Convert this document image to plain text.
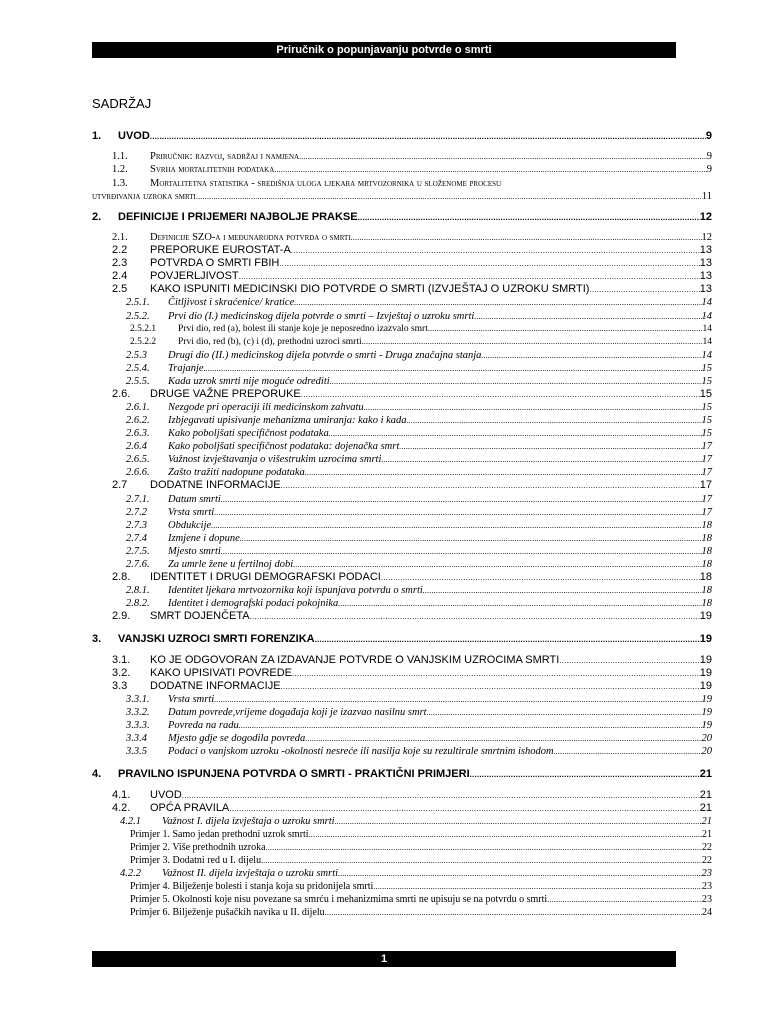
Priručnik o popunjavanju potvrde o smrti
SADRŽAJ
1.	UVOD .....	9
1.1.	Priručnik: razvoj, sadržaj i namjena .....	9
1.2.	Svrha mortalitetnih podataka .....	9
1.3.	Mortalitetna statistika - središnja uloga ljekara mrtvozornika u složenome procesu
utvrđivanja uzroka smrti .....	11
2.	DEFINICIJE I PRIJEMERI NAJBOLJE PRAKSE .....	12
2.1.	Definicije SZO-a i međunarodna potvrda o smrti .....	12
2.2	PREPORUKE EUROSTAT-A .....	13
2.3	POTVRDA O SMRTI FBIH .....	13
2.4	POVJERLJIVOST .....	13
2.5	KAKO ISPUNITI MEDICINSKI DIO POTVRDE O SMRTI (IZVJEŠTAJ O UZROKU SMRTI) .....	13
2.5.1.	Čitljivost i skraćenice/ kratice .....	14
2.5.2.	Prvi dio (I.) medicinskog dijela potvrde o smrti – Izvještaj o uzroku smrti .....	14
2.5.2.1	Prvi dio, red (a), bolest ili stanje koje je neposredno izazvalo smrt .....	14
2.5.2.2	Prvi dio, red (b), (c) i (d), prethodni uzroci smrti .....	14
2.5.3	Drugi dio (II.) medicinskog dijela potvrde o smrti - Druga značajna stanja .....	14
2.5.4.	Trajanje .....	15
2.5.5.	Kada uzrok smrti nije moguće odrediti .....	15
2.6.	DRUGE VAŽNE PREPORUKE .....	15
2.6.1.	Nezgode pri operaciji ili medicinskom zahvatu .....	15
2.6.2.	Izbjegavati upisivanje mehanizma umiranja: kako i kada .....	15
2.6.3.	Kako poboljšati specifičnost podataka .....	15
2.6.4	Kako poboljšati specifičnost podataka: dojenačka smrt .....	17
2.6.5.	Važnost izvještavanja o višestrukim uzrocima smrti .....	17
2.6.6.	Zašto tražiti nadopune podataka .....	17
2.7	DODATNE INFORMACIJE .....	17
2.7.1.	Datum smrti .....	17
2.7.2	Vrsta smrti .....	17
2.7.3	Obdukcije .....	18
2.7.4	Izmjene i dopune .....	18
2.7.5.	Mjesto smrti .....	18
2.7.6.	Za umrle žene u fertilnoj dobi .....	18
2.8.	IDENTITET I DRUGI DEMOGRAFSKI PODACI .....	18
2.8.1.	Identitet ljekara mrtvozornika koji ispunjava potvrdu o smrti .....	18
2.8.2.	Identitet i demografski podaci pokojnika .....	18
2.9.	SMRT DOJENČETA .....	19
3.	VANJSKI UZROCI SMRTI FORENZIKA .....	19
3.1.	KO JE ODGOVORAN ZA IZDAVANJE POTVRDE O VANJSKIM UZROCIMA SMRTI .....	19
3.2.	KAKO UPISIVATI POVREDE .....	19
3.3	DODATNE INFORMACIJE .....	19
3.3.1.	Vrsta smrti .....	19
3.3.2.	Datum povrede,vrijeme događaja koji je izazvao nasilnu smrt .....	19
3.3.3.	Povreda na radu .....	19
3.3.4	Mjesto gdje se dogodila povreda .....	20
3.3.5	Podaci o vanjskom uzroku -okolnosti nesreće ili nasilja koje su rezultirale smrtnim ishodom .....	20
4.	PRAVILNO ISPUNJENA POTVRDA O SMRTI - PRAKTIČNI PRIMJERI .....	21
4.1.	UVOD .....	21
4.2.	OPĆA PRAVILA .....	21
4.2.1	Važnost I. dijela izvještaja o uzroku smrti .....	21
Primjer 1. Samo jedan prethodni uzrok smrti .....	21
Primjer 2. Više prethodnih uzroka .....	22
Primjer 3. Dodatni red u I. dijelu .....	22
4.2.2	Važnost II. dijela izvještaja o uzroku smrti .....	23
Primjer 4. Bilježenje bolesti i stanja koja su pridonijela smrti .....	23
Primjer 5. Okolnosti koje nisu povezane sa smrću i mehanizmima smrti ne upisuju se na potvrdu o smrti .....	23
Primjer 6. Bilježenje pušačkih navika u II. dijelu .....	24
1
